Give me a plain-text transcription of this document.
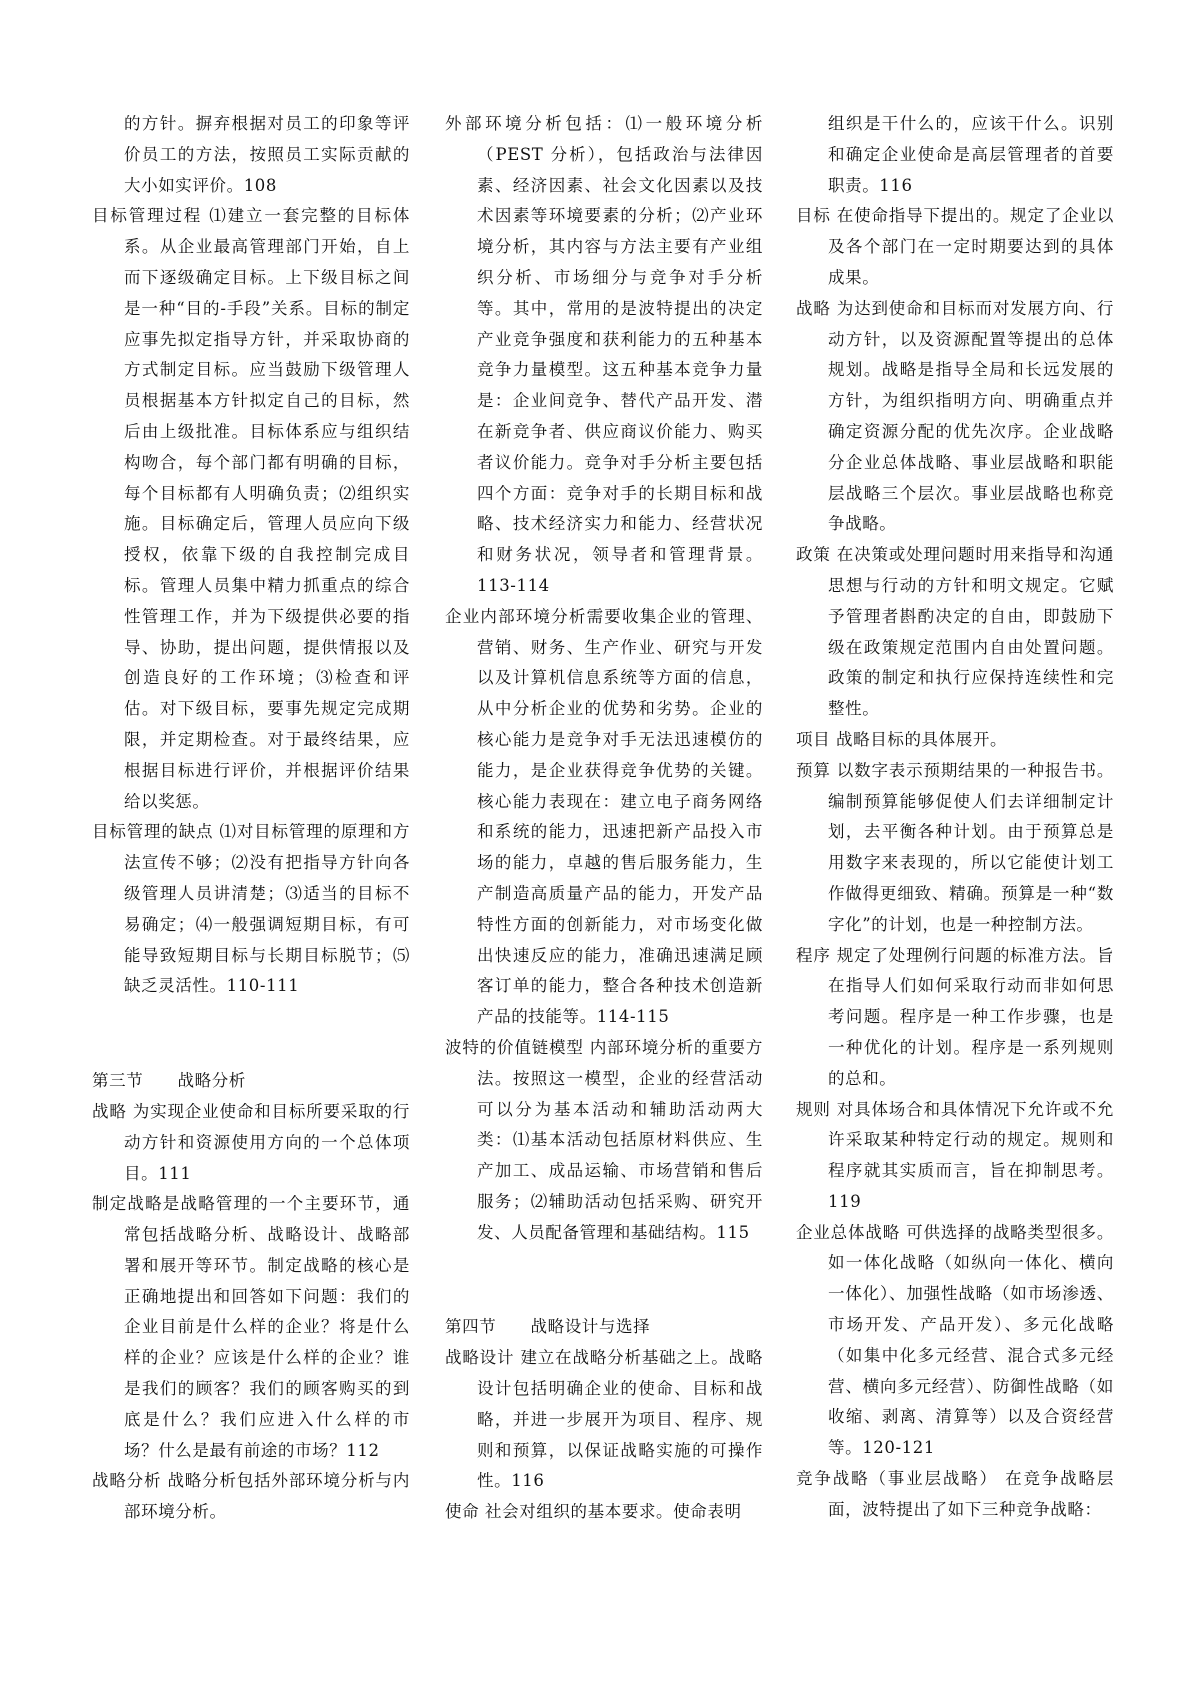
的方针。摒弃根据对员工的印象等评价员工的方法，按照员工实际贡献的大小如实评价。108

目标管理过程 ⑴建立一套完整的目标体系。从企业最高管理部门开始，自上而下逐级确定目标。上下级目标之间是一种“目的-手段”关系。目标的制定应事先拟定指导方针，并采取协商的方式制定目标。应当鼓励下级管理人员根据基本方针拟定自己的目标，然后由上级批准。目标体系应与组织结构吻合，每个部门都有明确的目标，每个目标都有人明确负责；⑵组织实施。目标确定后，管理人员应向下级授权，依靠下级的自我控制完成目标。管理人员集中精力抓重点的综合性管理工作，并为下级提供必要的指导、协助，提出问题，提供情报以及创造良好的工作环境；⑶检查和评估。对下级目标，要事先规定完成期限，并定期检查。对于最终结果，应根据目标进行评价，并根据评价结果给以奖惩。

目标管理的缺点 ⑴对目标管理的原理和方法宣传不够；⑵没有把指导方针向各级管理人员讲清楚；⑶适当的目标不易确定；⑷一般强调短期目标，有可能导致短期目标与长期目标脱节；⑸缺乏灵活性。110-111

第三节　　战略分析

战略 为实现企业使命和目标所要采取的行动方针和资源使用方向的一个总体项目。111

制定战略是战略管理的一个主要环节，通常包括战略分析、战略设计、战略部署和展开等环节。制定战略的核心是正确地提出和回答如下问题：我们的企业目前是什么样的企业？将是什么样的企业？应该是什么样的企业？谁是我们的顾客？我们的顾客购买的到底是什么？我们应进入什么样的市场？什么是最有前途的市场？112

战略分析 战略分析包括外部环境分析与内部环境分析。

外部环境分析包括：⑴一般环境分析（PEST 分析），包括政治与法律因素、经济因素、社会文化因素以及技术因素等环境要素的分析；⑵产业环境分析，其内容与方法主要有产业组织分析、市场细分与竞争对手分析等。其中，常用的是波特提出的决定产业竞争强度和获利能力的五种基本竞争力量模型。这五种基本竞争力量是：企业间竞争、替代产品开发、潜在新竞争者、供应商议价能力、购买者议价能力。竞争对手分析主要包括四个方面：竞争对手的长期目标和战略、技术经济实力和能力、经营状况和财务状况，领导者和管理背景。113-114

企业内部环境分析需要收集企业的管理、营销、财务、生产作业、研究与开发以及计算机信息系统等方面的信息，从中分析企业的优势和劣势。企业的核心能力是竞争对手无法迅速模仿的能力，是企业获得竞争优势的关键。核心能力表现在：建立电子商务网络和系统的能力，迅速把新产品投入市场的能力，卓越的售后服务能力，生产制造高质量产品的能力，开发产品特性方面的创新能力，对市场变化做出快速反应的能力，准确迅速满足顾客订单的能力，整合各种技术创造新产品的技能等。114-115

波特的价值链模型 内部环境分析的重要方法。按照这一模型，企业的经营活动可以分为基本活动和辅助活动两大类：⑴基本活动包括原材料供应、生产加工、成品运输、市场营销和售后服务；⑵辅助活动包括采购、研究开发、人员配备管理和基础结构。115

第四节　　战略设计与选择

战略设计 建立在战略分析基础之上。战略设计包括明确企业的使命、目标和战略，并进一步展开为项目、程序、规则和预算，以保证战略实施的可操作性。116

使命 社会对组织的基本要求。使命表明

组织是干什么的，应该干什么。识别和确定企业使命是高层管理者的首要职责。116

目标 在使命指导下提出的。规定了企业以及各个部门在一定时期要达到的具体成果。

战略 为达到使命和目标而对发展方向、行动方针，以及资源配置等提出的总体规划。战略是指导全局和长远发展的方针，为组织指明方向、明确重点并确定资源分配的优先次序。企业战略分企业总体战略、事业层战略和职能层战略三个层次。事业层战略也称竞争战略。

政策 在决策或处理问题时用来指导和沟通思想与行动的方针和明文规定。它赋予管理者斟酌决定的自由，即鼓励下级在政策规定范围内自由处置问题。政策的制定和执行应保持连续性和完整性。

项目 战略目标的具体展开。

预算 以数字表示预期结果的一种报告书。编制预算能够促使人们去详细制定计划，去平衡各种计划。由于预算总是用数字来表现的，所以它能使计划工作做得更细致、精确。预算是一种“数字化”的计划，也是一种控制方法。

程序 规定了处理例行问题的标准方法。旨在指导人们如何采取行动而非如何思考问题。程序是一种工作步骤，也是一种优化的计划。程序是一系列规则的总和。

规则 对具体场合和具体情况下允许或不允许采取某种特定行动的规定。规则和程序就其实质而言，旨在抑制思考。119

企业总体战略 可供选择的战略类型很多。如一体化战略（如纵向一体化、横向一体化）、加强性战略（如市场渗透、市场开发、产品开发）、多元化战略（如集中化多元经营、混合式多元经营、横向多元经营）、防御性战略（如收缩、剥离、清算等）以及合资经营等。120-121

竞争战略（事业层战略） 在竞争战略层面，波特提出了如下三种竞争战略：
